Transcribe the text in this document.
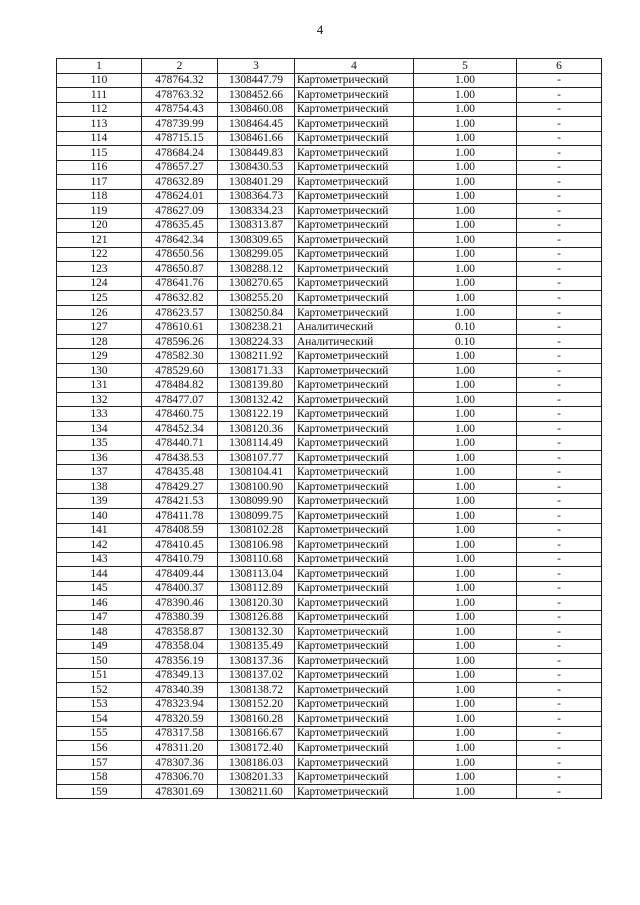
4
1	2	3	4	5	6
110	478764.32	1308447.79	Картометрический	1.00	-
111	478763.32	1308452.66	Картометрический	1.00	-
112	478754.43	1308460.08	Картометрический	1.00	-
113	478739.99	1308464.45	Картометрический	1.00	-
114	478715.15	1308461.66	Картометрический	1.00	-
115	478684.24	1308449.83	Картометрический	1.00	-
116	478657.27	1308430.53	Картометрический	1.00	-
117	478632.89	1308401.29	Картометрический	1.00	-
118	478624.01	1308364.73	Картометрический	1.00	-
119	478627.09	1308334.23	Картометрический	1.00	-
120	478635.45	1308313.87	Картометрический	1.00	-
121	478642.34	1308309.65	Картометрический	1.00	-
122	478650.56	1308299.05	Картометрический	1.00	-
123	478650.87	1308288.12	Картометрический	1.00	-
124	478641.76	1308270.65	Картометрический	1.00	-
125	478632.82	1308255.20	Картометрический	1.00	-
126	478623.57	1308250.84	Картометрический	1.00	-
127	478610.61	1308238.21	Аналитический	0.10	-
128	478596.26	1308224.33	Аналитический	0.10	-
129	478582.30	1308211.92	Картометрический	1.00	-
130	478529.60	1308171.33	Картометрический	1.00	-
131	478484.82	1308139.80	Картометрический	1.00	-
132	478477.07	1308132.42	Картометрический	1.00	-
133	478460.75	1308122.19	Картометрический	1.00	-
134	478452.34	1308120.36	Картометрический	1.00	-
135	478440.71	1308114.49	Картометрический	1.00	-
136	478438.53	1308107.77	Картометрический	1.00	-
137	478435.48	1308104.41	Картометрический	1.00	-
138	478429.27	1308100.90	Картометрический	1.00	-
139	478421.53	1308099.90	Картометрический	1.00	-
140	478411.78	1308099.75	Картометрический	1.00	-
141	478408.59	1308102.28	Картометрический	1.00	-
142	478410.45	1308106.98	Картометрический	1.00	-
143	478410.79	1308110.68	Картометрический	1.00	-
144	478409.44	1308113.04	Картометрический	1.00	-
145	478400.37	1308112.89	Картометрический	1.00	-
146	478390.46	1308120.30	Картометрический	1.00	-
147	478380.39	1308126.88	Картометрический	1.00	-
148	478358.87	1308132.30	Картометрический	1.00	-
149	478358.04	1308135.49	Картометрический	1.00	-
150	478356.19	1308137.36	Картометрический	1.00	-
151	478349.13	1308137.02	Картометрический	1.00	-
152	478340.39	1308138.72	Картометрический	1.00	-
153	478323.94	1308152.20	Картометрический	1.00	-
154	478320.59	1308160.28	Картометрический	1.00	-
155	478317.58	1308166.67	Картометрический	1.00	-
156	478311.20	1308172.40	Картометрический	1.00	-
157	478307.36	1308186.03	Картометрический	1.00	-
158	478306.70	1308201.33	Картометрический	1.00	-
159	478301.69	1308211.60	Картометрический	1.00	-
